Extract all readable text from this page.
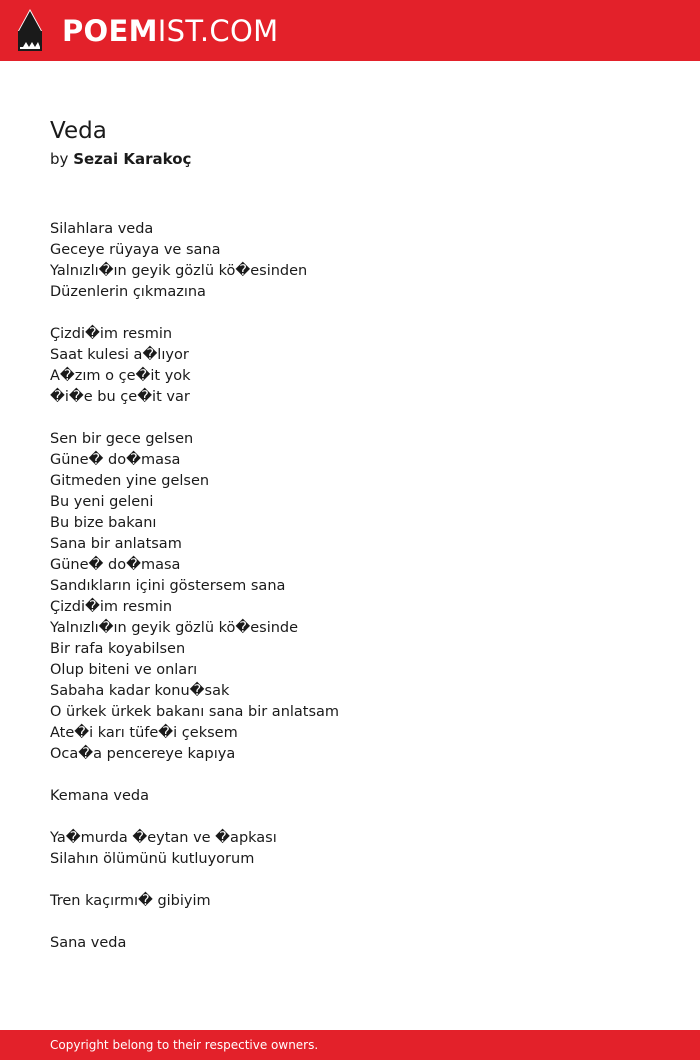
POEMIST.COM
Veda
by Sezai Karakoç
Silahlara veda
Geceye rüyaya ve sana
Yalnızlı�ın geyik gözlü kö�esinden
Düzenlerin çıkmazına
Çizdi�im resmin
Saat kulesi a�lıyor
A�zım o çe�it yok
�i�e bu çe�it var
Sen bir gece gelsen
Güne� do�masa
Gitmeden yine gelsen
Bu yeni geleni
Bu bize bakanı
Sana bir anlatsam
Güne� do�masa
Sandıkların içini göstersem sana
Çizdi�im resmin
Yalnızlı�ın geyik gözlü kö�esinde
Bir rafa koyabilsen
Olup biteni ve onları
Sabaha kadar konu�sak
O ürkek ürkek bakanı sana bir anlatsam
Ate�i karı tüfe�i çeksem
Oca�a pencereye kapıya
Kemana veda
Ya�murda �eytan ve �apkası
Silahın ölümünü kutluyorum
Tren kaçırmı� gibiyim
Sana veda
Copyright belong to their respective owners.
